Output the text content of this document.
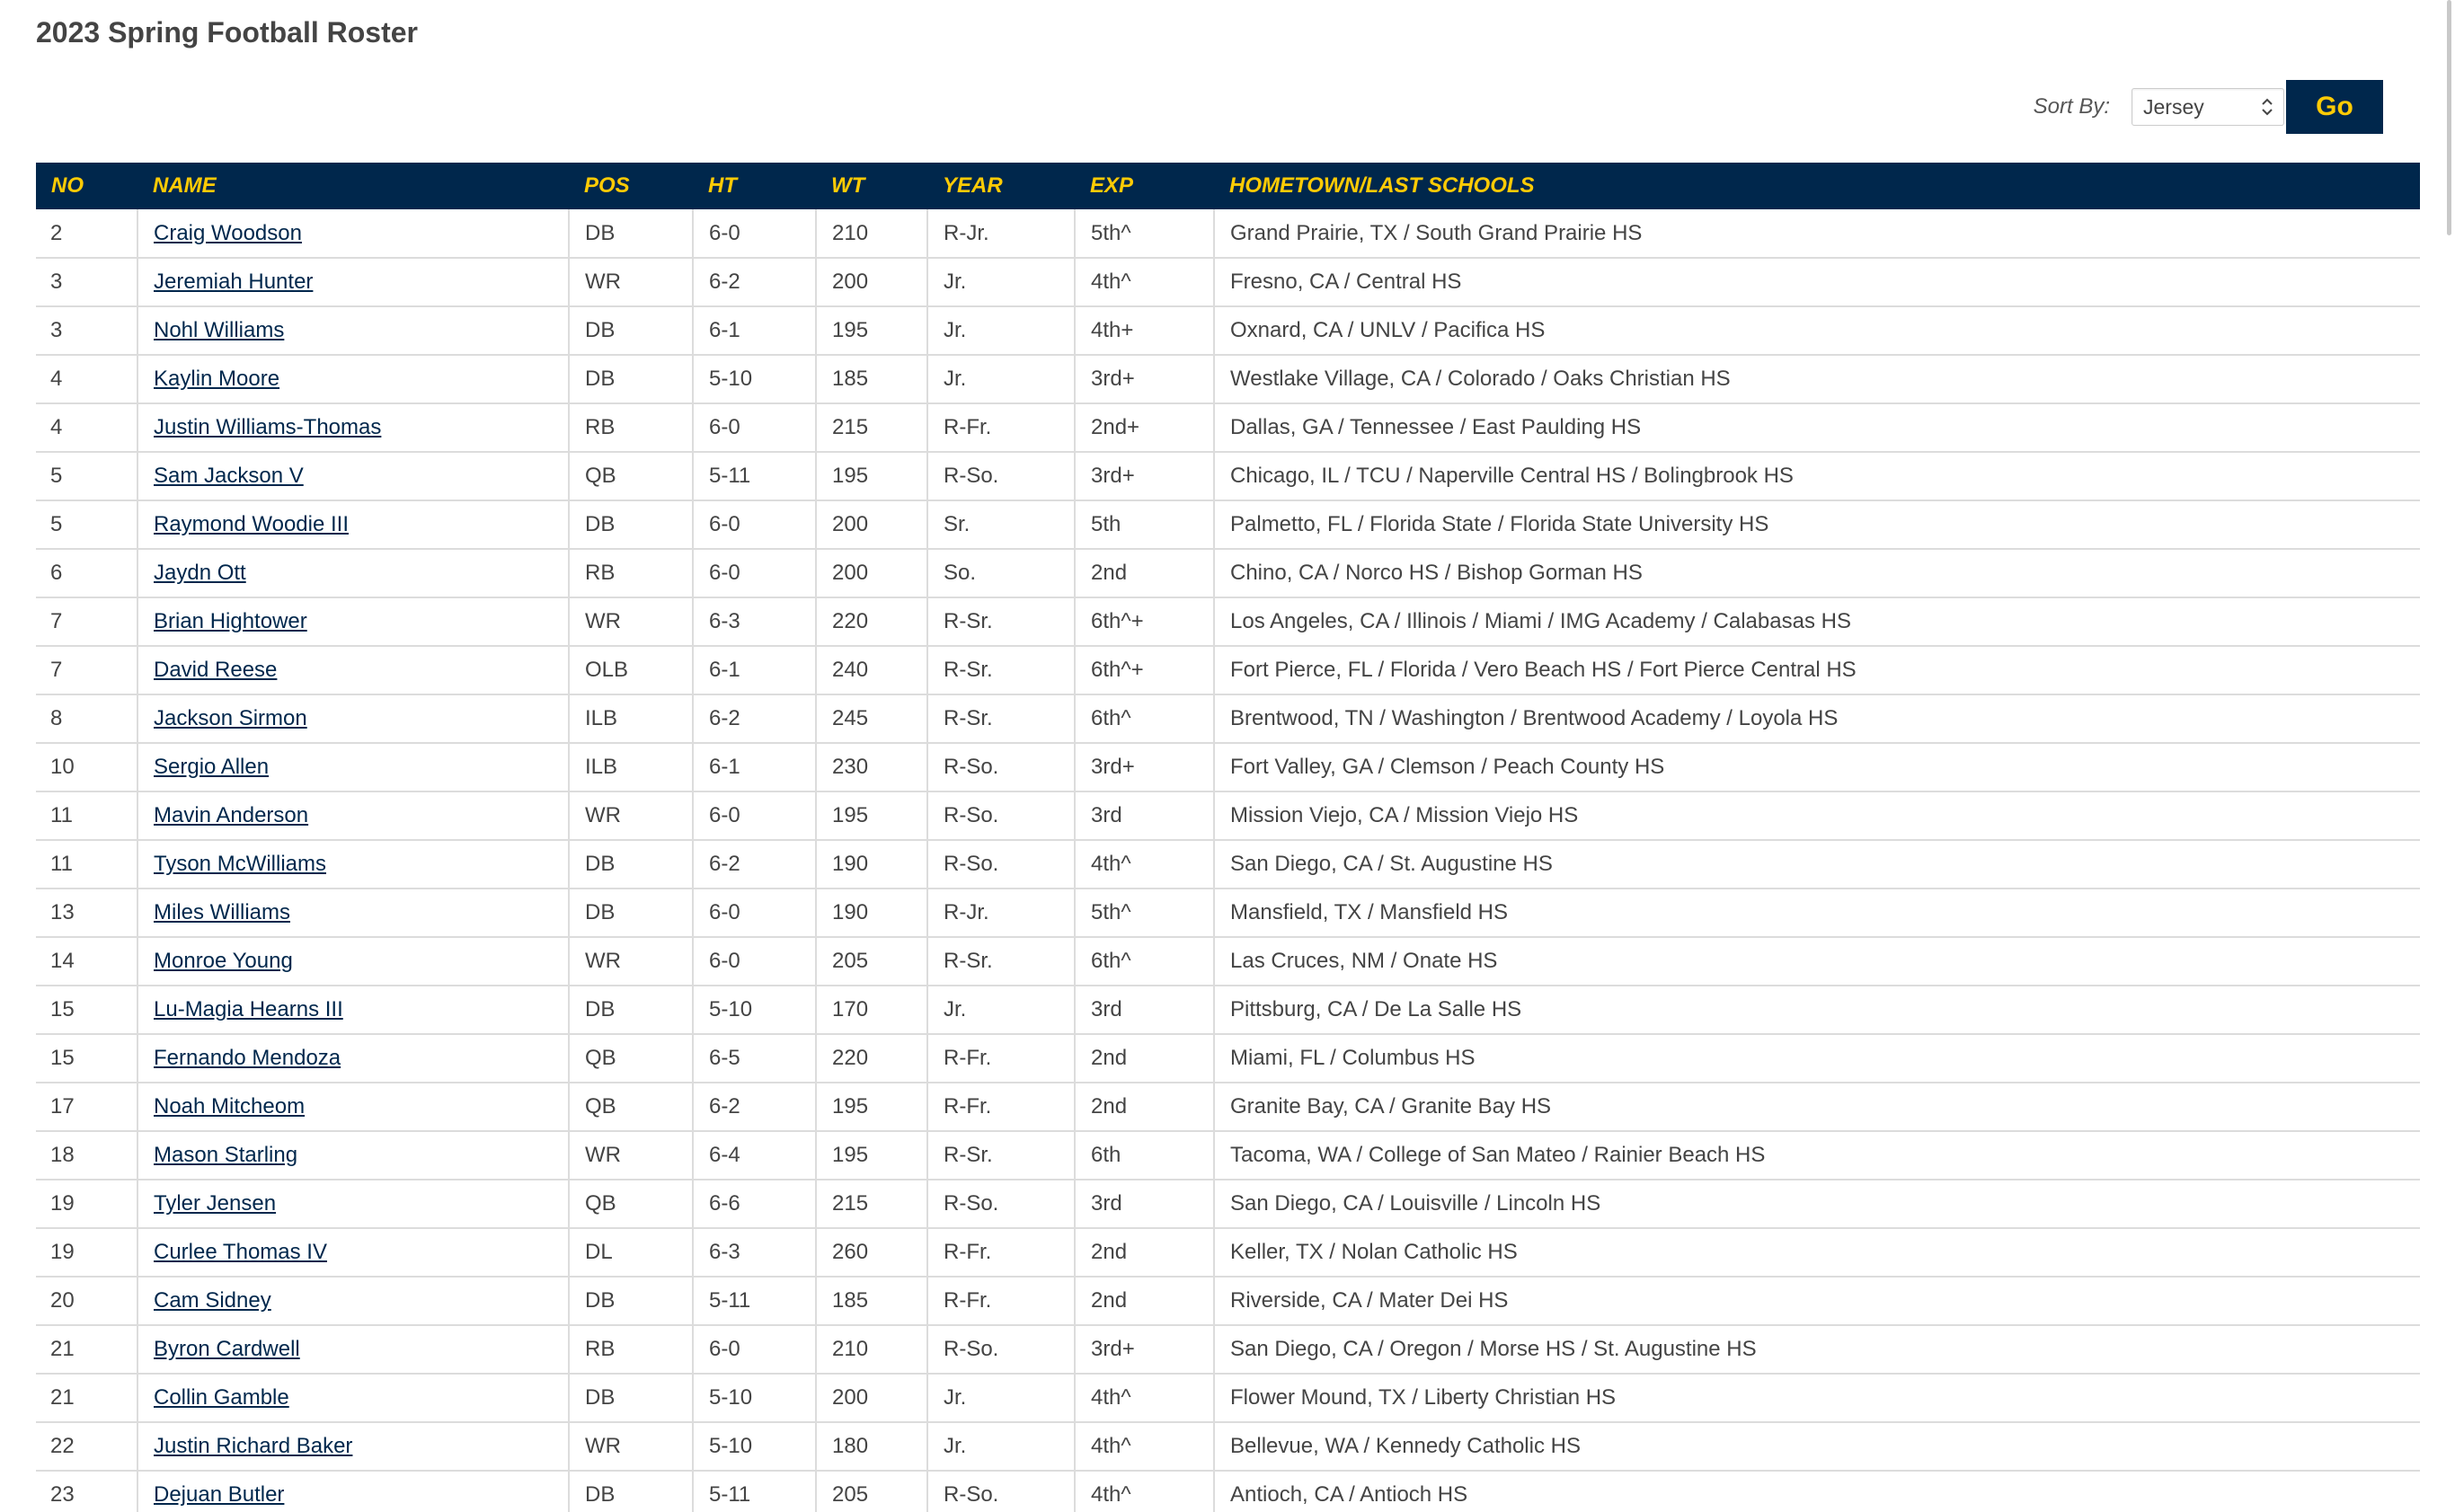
2023 Spring Football Roster
Sort By: Jersey	Go
NO	NAME	POS	HT	WT	YEAR	EXP	HOMETOWN/LAST SCHOOLS
2	Craig Woodson	DB	6-0	210	R-Jr.	5th^	Grand Prairie, TX / South Grand Prairie HS
3	Jeremiah Hunter	WR	6-2	200	Jr.	4th^	Fresno, CA / Central HS
3	Nohl Williams	DB	6-1	195	Jr.	4th+	Oxnard, CA / UNLV / Pacifica HS
4	Kaylin Moore	DB	5-10	185	Jr.	3rd+	Westlake Village, CA / Colorado / Oaks Christian HS
4	Justin Williams-Thomas	RB	6-0	215	R-Fr.	2nd+	Dallas, GA / Tennessee / East Paulding HS
5	Sam Jackson V	QB	5-11	195	R-So.	3rd+	Chicago, IL / TCU / Naperville Central HS / Bolingbrook HS
5	Raymond Woodie III	DB	6-0	200	Sr.	5th	Palmetto, FL / Florida State / Florida State University HS
6	Jaydn Ott	RB	6-0	200	So.	2nd	Chino, CA / Norco HS / Bishop Gorman HS
7	Brian Hightower	WR	6-3	220	R-Sr.	6th^+	Los Angeles, CA / Illinois / Miami / IMG Academy / Calabasas HS
7	David Reese	OLB	6-1	240	R-Sr.	6th^+	Fort Pierce, FL / Florida / Vero Beach HS / Fort Pierce Central HS
8	Jackson Sirmon	ILB	6-2	245	R-Sr.	6th^	Brentwood, TN / Washington / Brentwood Academy / Loyola HS
10	Sergio Allen	ILB	6-1	230	R-So.	3rd+	Fort Valley, GA / Clemson / Peach County HS
11	Mavin Anderson	WR	6-0	195	R-So.	3rd	Mission Viejo, CA / Mission Viejo HS
11	Tyson McWilliams	DB	6-2	190	R-So.	4th^	San Diego, CA / St. Augustine HS
13	Miles Williams	DB	6-0	190	R-Jr.	5th^	Mansfield, TX / Mansfield HS
14	Monroe Young	WR	6-0	205	R-Sr.	6th^	Las Cruces, NM / Onate HS
15	Lu-Magia Hearns III	DB	5-10	170	Jr.	3rd	Pittsburg, CA / De La Salle HS
15	Fernando Mendoza	QB	6-5	220	R-Fr.	2nd	Miami, FL / Columbus HS
17	Noah Mitcheom	QB	6-2	195	R-Fr.	2nd	Granite Bay, CA / Granite Bay HS
18	Mason Starling	WR	6-4	195	R-Sr.	6th	Tacoma, WA / College of San Mateo / Rainier Beach HS
19	Tyler Jensen	QB	6-6	215	R-So.	3rd	San Diego, CA / Louisville / Lincoln HS
19	Curlee Thomas IV	DL	6-3	260	R-Fr.	2nd	Keller, TX / Nolan Catholic HS
20	Cam Sidney	DB	5-11	185	R-Fr.	2nd	Riverside, CA / Mater Dei HS
21	Byron Cardwell	RB	6-0	210	R-So.	3rd+	San Diego, CA / Oregon / Morse HS / St. Augustine HS
21	Collin Gamble	DB	5-10	200	Jr.	4th^	Flower Mound, TX / Liberty Christian HS
22	Justin Richard Baker	WR	5-10	180	Jr.	4th^	Bellevue, WA / Kennedy Catholic HS
23	Dejuan Butler	DB	5-11	205	R-So.	4th^	Antioch, CA / Antioch HS
